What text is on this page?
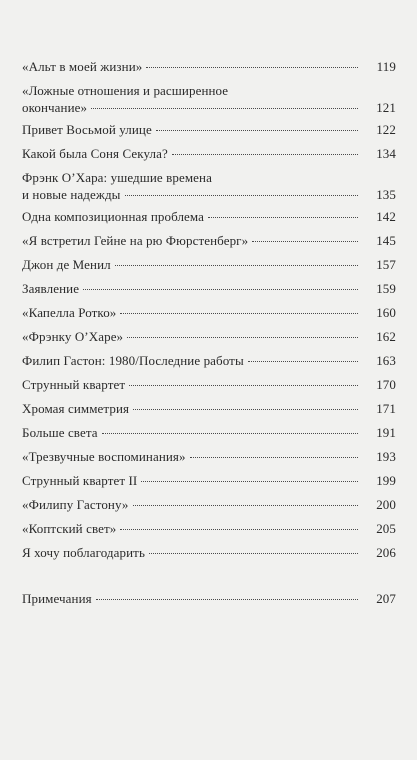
«Альт в моей жизни»	119
«Ложные отношения и расширенное
окончание»	121
Привет Восьмой улице	122
Какой была Соня Секула?	134
Фрэнк О’Хара: ушедшие времена
и новые надежды	135
Одна композиционная проблема	142
«Я встретил Гейне на рю Фюрстенберг»	145
Джон де Менил	157
Заявление	159
«Капелла Ротко»	160
«Фрэнку О’Харе»	162
Филип Гастон: 1980/Последние работы	163
Струнный квартет	170
Хромая симметрия	171
Больше света	191
«Трезвучные воспоминания»	193
Струнный квартет II	199
«Филипу Гастону»	200
«Коптский свет»	205
Я хочу поблагодарить	206
Примечания	207
